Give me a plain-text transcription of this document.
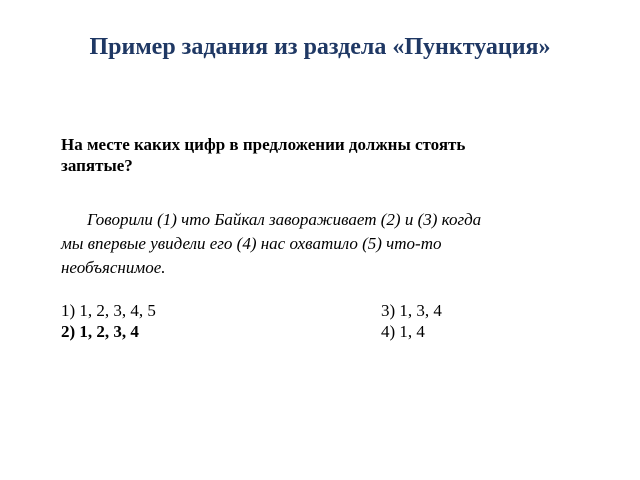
Пример задания из раздела «Пунктуация»
На месте каких цифр в предложении должны стоять
запятые?
Говорили (1) что Байкал завораживает (2) и (3) когда
мы впервые увидели его (4) нас охватило (5) что-то
необъяснимое.
1) 1, 2, 3, 4, 5
2) 1, 2, 3, 4
3) 1, 3, 4
4) 1, 4
